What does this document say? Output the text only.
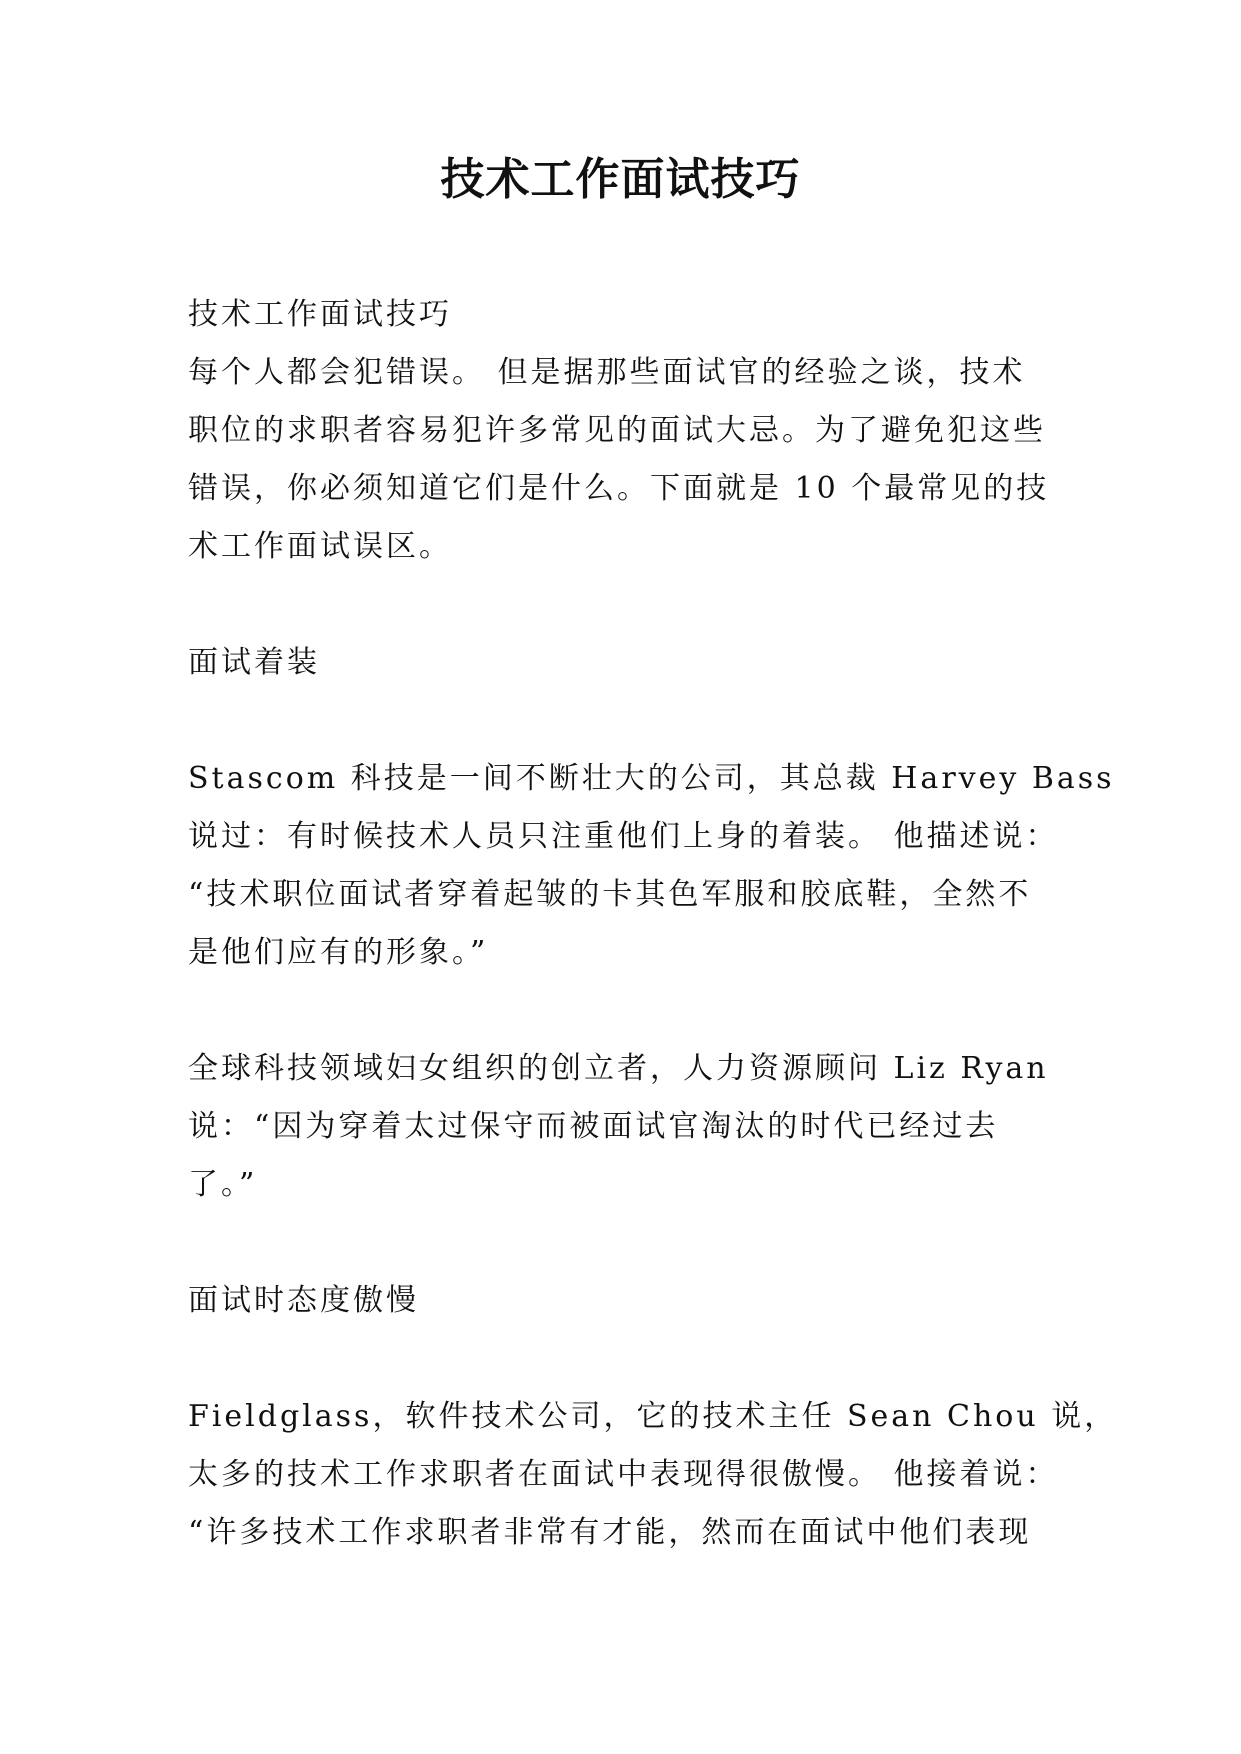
技术工作面试技巧
技术工作面试技巧
每个人都会犯错误。 但是据那些面试官的经验之谈，技术
职位的求职者容易犯许多常见的面试大忌。为了避免犯这些
错误，你必须知道它们是什么。下面就是 10 个最常见的技
术工作面试误区。
面试着装
Stascom 科技是一间不断壮大的公司，其总裁 Harvey Bass
说过：有时候技术人员只注重他们上身的着装。 他描述说：
“技术职位面试者穿着起皱的卡其色军服和胶底鞋，全然不
是他们应有的形象。”
全球科技领域妇女组织的创立者，人力资源顾问 Liz Ryan
说：“因为穿着太过保守而被面试官淘汰的时代已经过去
了。”
面试时态度傲慢
Fieldglass，软件技术公司，它的技术主任 Sean Chou 说，
太多的技术工作求职者在面试中表现得很傲慢。 他接着说：
“许多技术工作求职者非常有才能，然而在面试中他们表现
